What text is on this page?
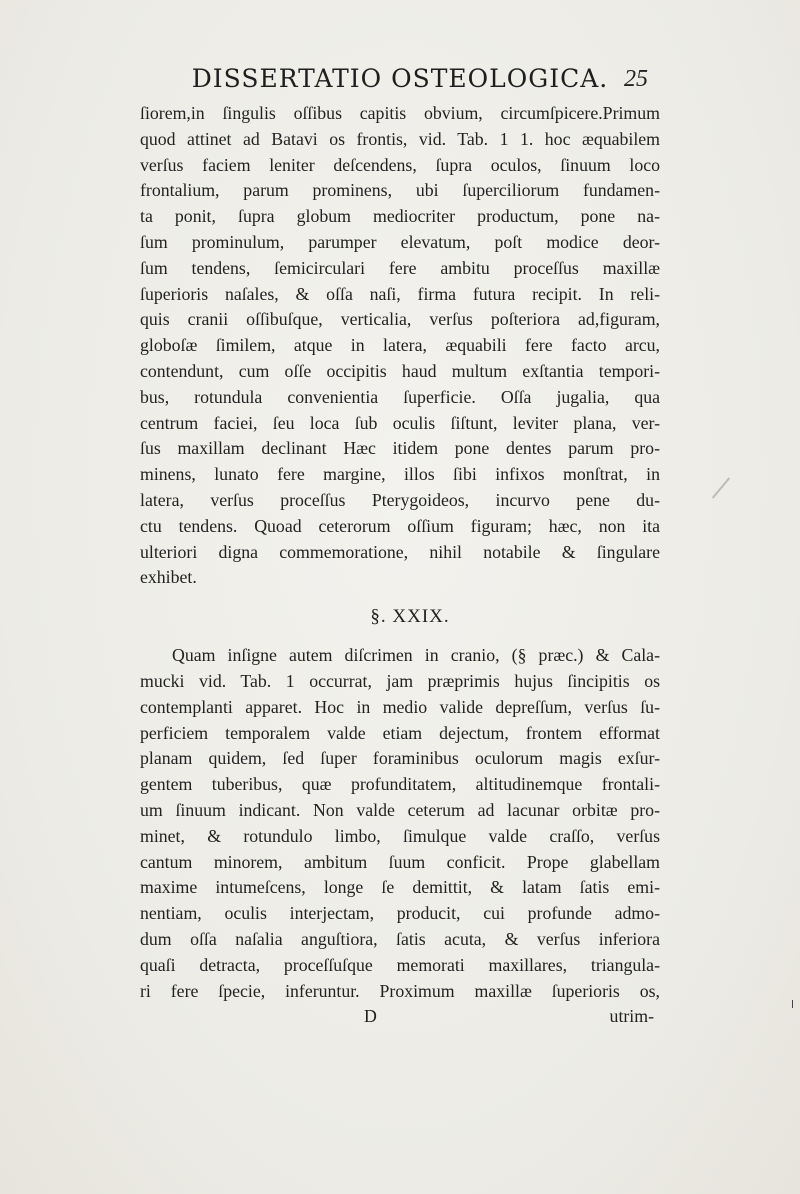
DISSERTATIO OSTEOLOGICA. 25
ſiorem,in ſingulis oſſibus capitis obvium, circumſpicere.Primum
quod attinet ad Batavi os frontis, vid. Tab. 1 1. hoc æquabilem
verſus faciem leniter deſcendens, ſupra oculos, ſinuum loco
frontalium, parum prominens, ubi ſuperciliorum fundamen-
ta ponit, ſupra globum mediocriter productum, pone na-
ſum prominulum, parumper elevatum, poſt modice deor-
ſum tendens, ſemicirculari fere ambitu proceſſus maxillæ
ſuperioris naſales, & oſſa naſi, firma futura recipit. In reli-
quis cranii oſſibuſque, verticalia, verſus poſteriora ad,figuram,
globoſæ ſimilem, atque in latera, æquabili fere facto arcu,
contendunt, cum oſſe occipitis haud multum exſtantia tempori-
bus, rotundula convenientia ſuperficie. Oſſa jugalia, qua
centrum faciei, ſeu loca ſub oculis ſiſtunt, leviter plana, ver-
ſus maxillam declinant Hæc itidem pone dentes parum pro-
minens, lunato fere margine, illos ſibi infixos monſtrat, in
latera, verſus proceſſus Pterygoideos, incurvo pene du-
ctu tendens. Quoad ceterorum oſſium figuram; hæc, non ita
ulteriori digna commemoratione, nihil notabile & ſingulare
exhibet.
§. XXIX.
Quam inſigne autem diſcrimen in cranio, (§ præc.) & Cala-
mucki vid. Tab. 1 occurrat, jam præprimis hujus ſincipitis os
contemplanti apparet. Hoc in medio valide depreſſum, verſus ſu-
perficiem temporalem valde etiam dejectum, frontem efformat
planam quidem, ſed ſuper foraminibus oculorum magis exſur-
gentem tuberibus, quæ profunditatem, altitudinemque frontali-
um ſinuum indicant. Non valde ceterum ad lacunar orbitæ pro-
minet, & rotundulo limbo, ſimulque valde craſſo, verſus
cantum minorem, ambitum ſuum conficit. Prope glabellam
maxime intumeſcens, longe ſe demittit, & latam ſatis emi-
nentiam, oculis interjectam, producit, cui profunde admo-
dum oſſa naſalia anguſtiora, ſatis acuta, & verſus inferiora
quaſi detracta, proceſſuſque memorati maxillares, triangula-
ri fere ſpecie, inferuntur. Proximum maxillæ ſuperioris os,
D	utrim-
